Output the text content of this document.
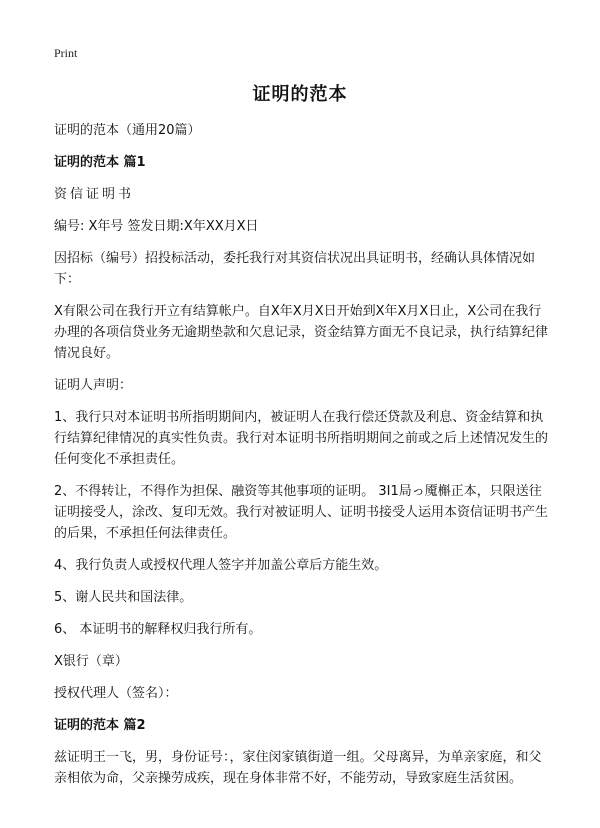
Print
证明的范本
证明的范本（通用20篇）
证明的范本 篇1
资信证明书
编号: X年号 签发日期:X年XX月X日
因招标（编号）招投标活动，委托我行对其资信状况出具证明书，经确认具体情况如下：
X有限公司在我行开立有结算帐户。自X年X月X日开始到X年X月X日止，X公司在我行办理的各项信贷业务无逾期垫款和欠息记录，资金结算方面无不良记录，执行结算纪律情况良好。
证明人声明：
1、我行只对本证明书所指明期间内，被证明人在我行偿还贷款及利息、资金结算和执行结算纪律情况的真实性负责。我行对本证明书所指明期间之前或之后上述情况发生的任何变化不承担责任。
2、不得转让，不得作为担保、融资等其他事项的证明。 3I1局っ魇槲正本，只限送往证明接受人，涂改、复印无效。我行对被证明人、证明书接受人运用本资信证明书产生的后果，不承担任何法律责任。
4、我行负责人或授权代理人签字并加盖公章后方能生效。
5、谢人民共和国法律。
6、 本证明书的解释权归我行所有。
X银行（章）
授权代理人（签名）：
证明的范本 篇2
兹证明王一飞，男，身份证号：，家住闵家镇街道一组。父母离异，为单亲家庭，和父亲相依为命，父亲操劳成疾，现在身体非常不好，不能劳动，导致家庭生活贫困。
